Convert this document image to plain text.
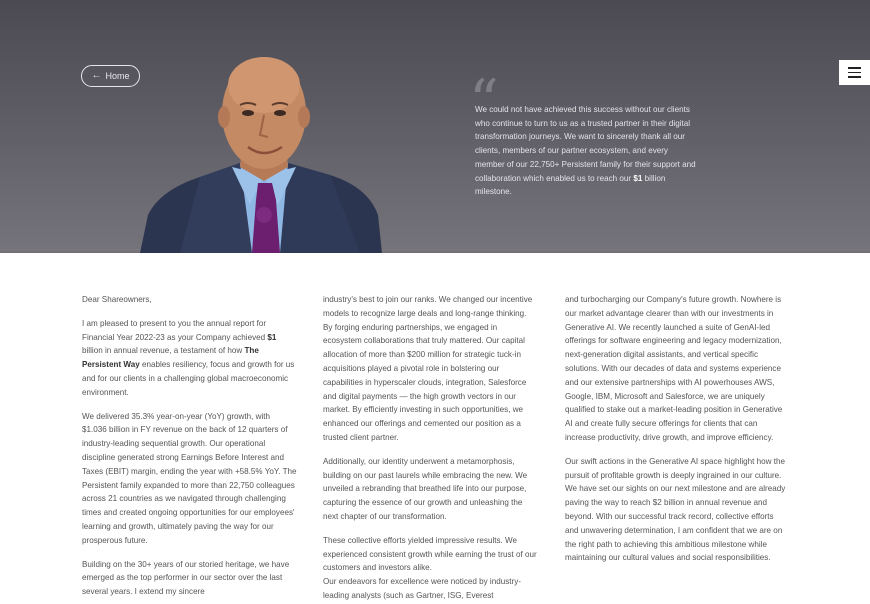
← Home	“

We could not have achieved this success without our clients who continue to turn to us as a trusted partner in their digital transformation journeys. We want to sincerely thank all our clients, members of our partner ecosystem, and every member of our 22,750+ Persistent family for their support and collaboration which enabled us to reach our $1 billion milestone.

Dear Shareowners,

I am pleased to present to you the annual report for Financial Year 2022-23 as your Company achieved $1 billion in annual revenue, a testament of how The Persistent Way enables resiliency, focus and growth for us and for our clients in a challenging global macroeconomic environment.

We delivered 35.3% year-on-year (YoY) growth, with $1.036 billion in FY revenue on the back of 12 quarters of industry-leading sequential growth. Our operational discipline generated strong Earnings Before Interest and Taxes (EBIT) margin, ending the year with +58.5% YoY. The Persistent family expanded to more than 22,750 colleagues across 21 countries as we navigated through challenging times and created ongoing opportunities for our employees' learning and growth, ultimately paving the way for our prosperous future.

Building on the 30+ years of our storied heritage, we have emerged as the top performer in our sector over the last several years. I extend my sincere

industry's best to join our ranks. We changed our incentive models to recognize large deals and long-range thinking. By forging enduring partnerships, we engaged in ecosystem collaborations that truly mattered. Our capital allocation of more than $200 million for strategic tuck-in acquisitions played a pivotal role in bolstering our capabilities in hyperscaler clouds, integration, Salesforce and digital payments — the high growth vectors in our market. By efficiently investing in such opportunities, we enhanced our offerings and cemented our position as a trusted client partner.

Additionally, our identity underwent a metamorphosis, building on our past laurels while embracing the new. We unveiled a rebranding that breathed life into our purpose, capturing the essence of our growth and unleashing the next chapter of our transformation.

These collective efforts yielded impressive results. We experienced consistent growth while earning the trust of our customers and investors alike.

Our endeavors for excellence were noticed by industry-leading analysts (such as Gartner, ISG, Everest

and turbocharging our Company's future growth. Nowhere is our market advantage clearer than with our investments in Generative AI. We recently launched a suite of GenAI-led offerings for software engineering and legacy modernization, next-generation digital assistants, and vertical specific solutions. With our decades of data and systems experience and our extensive partnerships with AI powerhouses AWS, Google, IBM, Microsoft and Salesforce, we are uniquely qualified to stake out a market-leading position in Generative AI and create fully secure offerings for clients that can increase productivity, drive growth, and improve efficiency.

Our swift actions in the Generative AI space highlight how the pursuit of profitable growth is deeply ingrained in our culture. We have set our sights on our next milestone and are already paving the way to reach $2 billion in annual revenue and beyond. With our successful track record, collective efforts and unwavering determination, I am confident that we are on the right path to achieving this ambitious milestone while maintaining our cultural values and social responsibilities.
